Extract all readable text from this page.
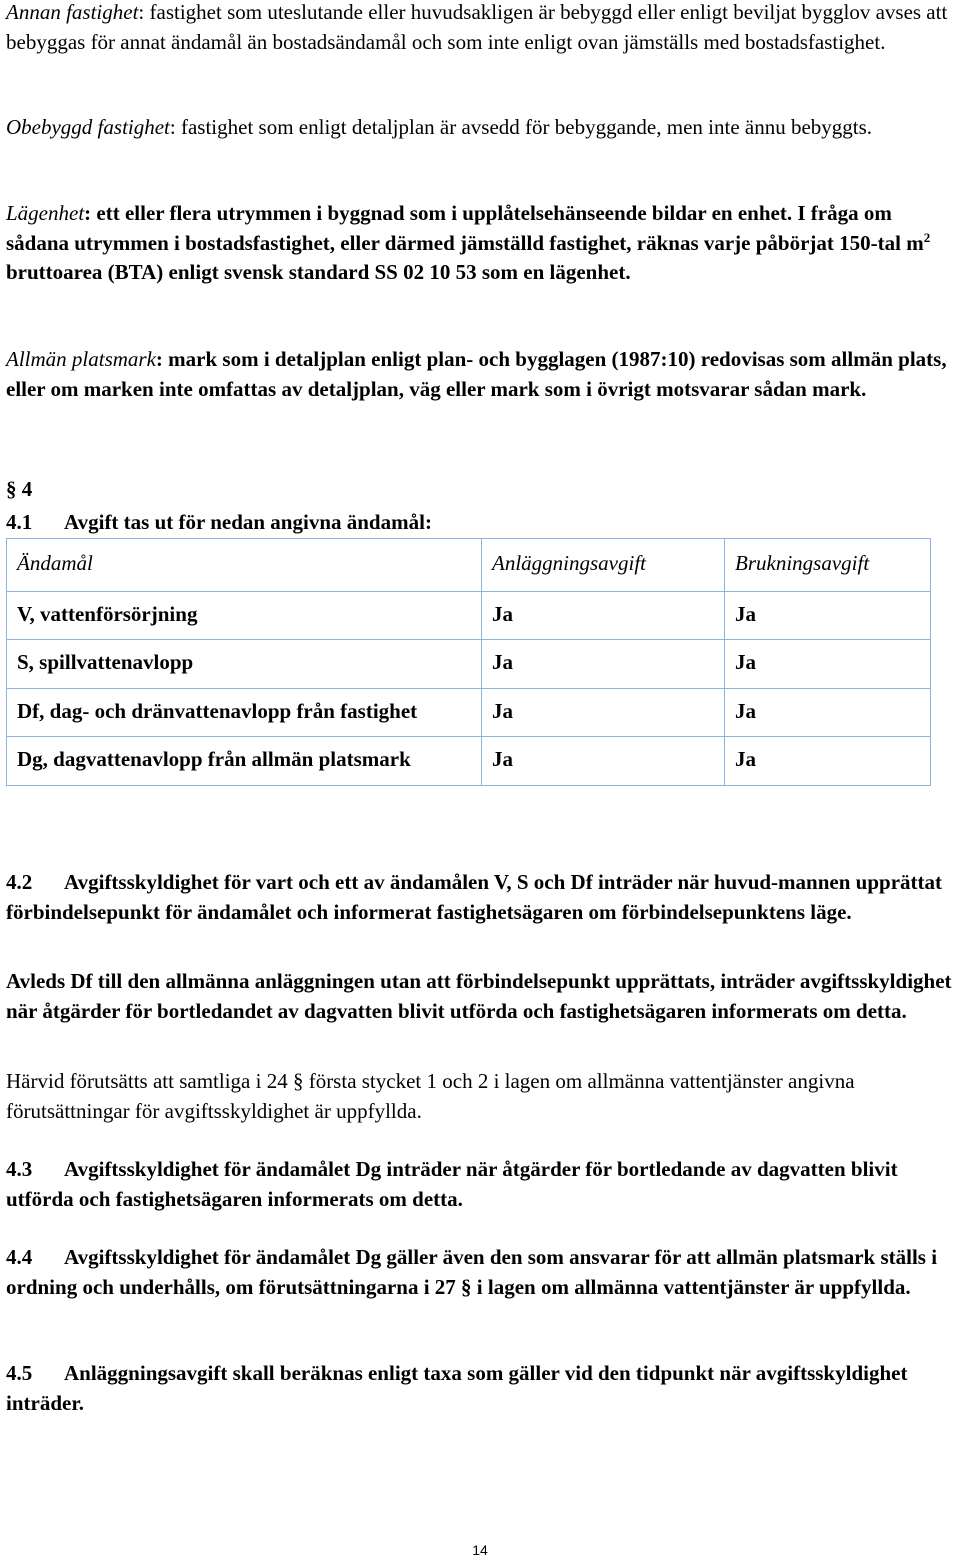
Annan fastighet: fastighet som uteslutande eller huvudsakligen är bebyggd eller enligt beviljat bygglov avses att bebyggas för annat ändamål än bostadsändamål och som inte enligt ovan jämställs med bostadsfastighet.

Obebyggd fastighet: fastighet som enligt detaljplan är avsedd för bebyggande, men inte ännu bebyggts.

Lägenhet: ett eller flera utrymmen i byggnad som i upplåtelsehänseende bildar en enhet. I fråga om sådana utrymmen i bostadsfastighet, eller därmed jämställd fastighet, räknas varje påbörjat 150-tal $m^2$ bruttoarea (BTA) enligt svensk standard SS 02 10 53 som en lägenhet.

Allmän platsmark: mark som i detaljplan enligt plan- och bygglagen (1987:10) redovisas som allmän plats, eller om marken inte omfattas av detaljplan, väg eller mark som i övrigt motsvarar sådan mark.

§ 4

4.1 Avgift tas ut för nedan angivna ändamål:

Ändamål	Anläggningsavgift	Brukningsavgift
V, vattenförsörjning	Ja	Ja
S, spillvattenavlopp	Ja	Ja
Df, dag- och dränvattenavlopp från fastighet	Ja	Ja
Dg, dagvattenavlopp från allmän platsmark	Ja	Ja

4.2 Avgiftsskyldighet för vart och ett av ändamålen V, S och Df inträder när huvud-mannen upprättat förbindelsepunkt för ändamålet och informerat fastighetsägaren om förbindelsepunktens läge.

Avleds Df till den allmänna anläggningen utan att förbindelsepunkt upprättats, inträder avgiftsskyldighet när åtgärder för bortledandet av dagvatten blivit utförda och fastighetsägaren informerats om detta.

Härvid förutsätts att samtliga i 24 § första stycket 1 och 2 i lagen om allmänna vattentjänster angivna förutsättningar för avgiftsskyldighet är uppfyllda.

4.3 Avgiftsskyldighet för ändamålet Dg inträder när åtgärder för bortledande av dagvatten blivit utförda och fastighetsägaren informerats om detta.

4.4 Avgiftsskyldighet för ändamålet Dg gäller även den som ansvarar för att allmän platsmark ställs i ordning och underhålls, om förutsättningarna i 27 § i lagen om allmänna vattentjänster är uppfyllda.

4.5 Anläggningsavgift skall beräknas enligt taxa som gäller vid den tidpunkt när avgiftsskyldighet inträder.

14
